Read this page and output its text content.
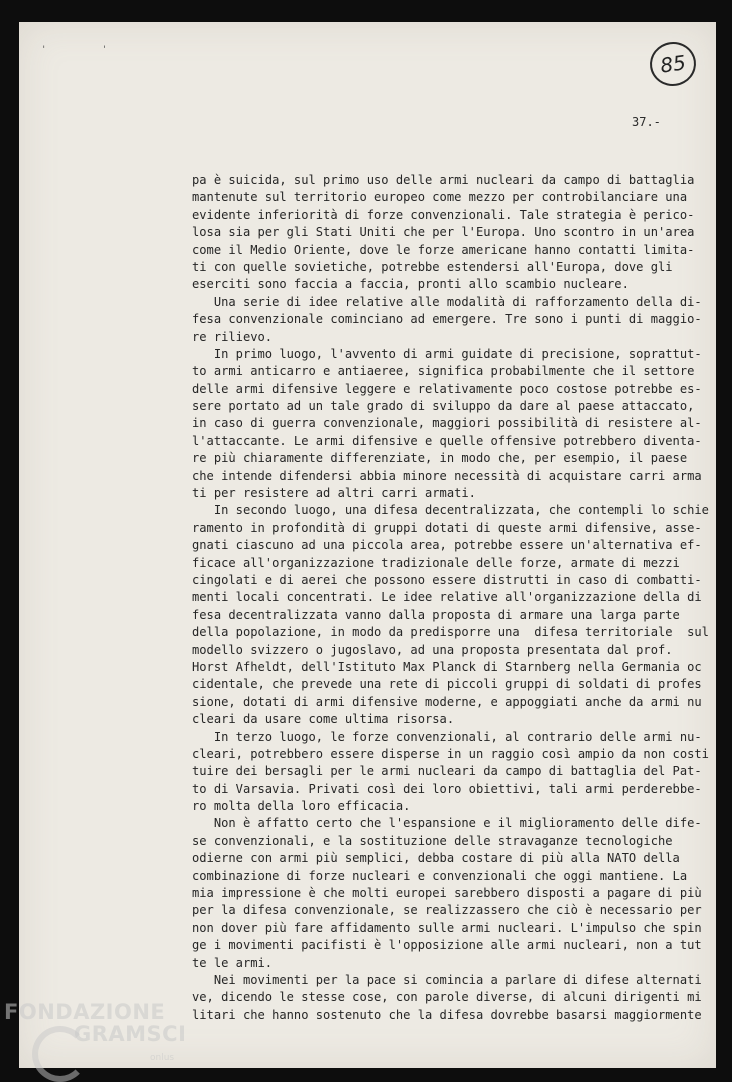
' '
85
37.-
pa è suicida, sul primo uso delle armi nucleari da campo di battaglia
mantenute sul territorio europeo come mezzo per controbilanciare una
evidente inferiorità di forze convenzionali. Tale strategia è perico-
losa sia per gli Stati Uniti che per l'Europa. Uno scontro in un'area
come il Medio Oriente, dove le forze americane hanno contatti limita-
ti con quelle sovietiche, potrebbe estendersi all'Europa, dove gli
eserciti sono faccia a faccia, pronti allo scambio nucleare.
Una serie di idee relative alle modalità di rafforzamento della di-
fesa convenzionale cominciano ad emergere. Tre sono i punti di maggio-
re rilievo.
In primo luogo, l'avvento di armi guidate di precisione, soprattut-
to armi anticarro e antiaeree, significa probabilmente che il settore
delle armi difensive leggere e relativamente poco costose potrebbe es-
sere portato ad un tale grado di sviluppo da dare al paese attaccato,
in caso di guerra convenzionale, maggiori possibilità di resistere al-
l'attaccante. Le armi difensive e quelle offensive potrebbero diventa-
re più chiaramente differenziate, in modo che, per esempio, il paese
che intende difendersi abbia minore necessità di acquistare carri arma
ti per resistere ad altri carri armati.
In secondo luogo, una difesa decentralizzata, che contempli lo schie
ramento in profondità di gruppi dotati di queste armi difensive, asse-
gnati ciascuno ad una piccola area, potrebbe essere un'alternativa ef-
ficace all'organizzazione tradizionale delle forze, armate di mezzi
cingolati e di aerei che possono essere distrutti in caso di combatti-
menti locali concentrati. Le idee relative all'organizzazione della di
fesa decentralizzata vanno dalla proposta di armare una larga parte
della popolazione, in modo da predisporre una  difesa territoriale  sul
modello svizzero o jugoslavo, ad una proposta presentata dal prof.
Horst Afheldt, dell'Istituto Max Planck di Starnberg nella Germania oc
cidentale, che prevede una rete di piccoli gruppi di soldati di profes
sione, dotati di armi difensive moderne, e appoggiati anche da armi nu
cleari da usare come ultima risorsa.
In terzo luogo, le forze convenzionali, al contrario delle armi nu-
cleari, potrebbero essere disperse in un raggio così ampio da non costi
tuire dei bersagli per le armi nucleari da campo di battaglia del Pat-
to di Varsavia. Privati così dei loro obiettivi, tali armi perderebbe-
ro molta della loro efficacia.
Non è affatto certo che l'espansione e il miglioramento delle dife-
se convenzionali, e la sostituzione delle stravaganze tecnologiche
odierne con armi più semplici, debba costare di più alla NATO della
combinazione di forze nucleari e convenzionali che oggi mantiene. La
mia impressione è che molti europei sarebbero disposti a pagare di più
per la difesa convenzionale, se realizzassero che ciò è necessario per
non dover più fare affidamento sulle armi nucleari. L'impulso che spin
ge i movimenti pacifisti è l'opposizione alle armi nucleari, non a tut
te le armi.
Nei movimenti per la pace si comincia a parlare di difese alternati
ve, dicendo le stesse cose, con parole diverse, di alcuni dirigenti mi
litari che hanno sostenuto che la difesa dovrebbe basarsi maggiormente
FONDAZIONE
GRAMSCI
onlus
